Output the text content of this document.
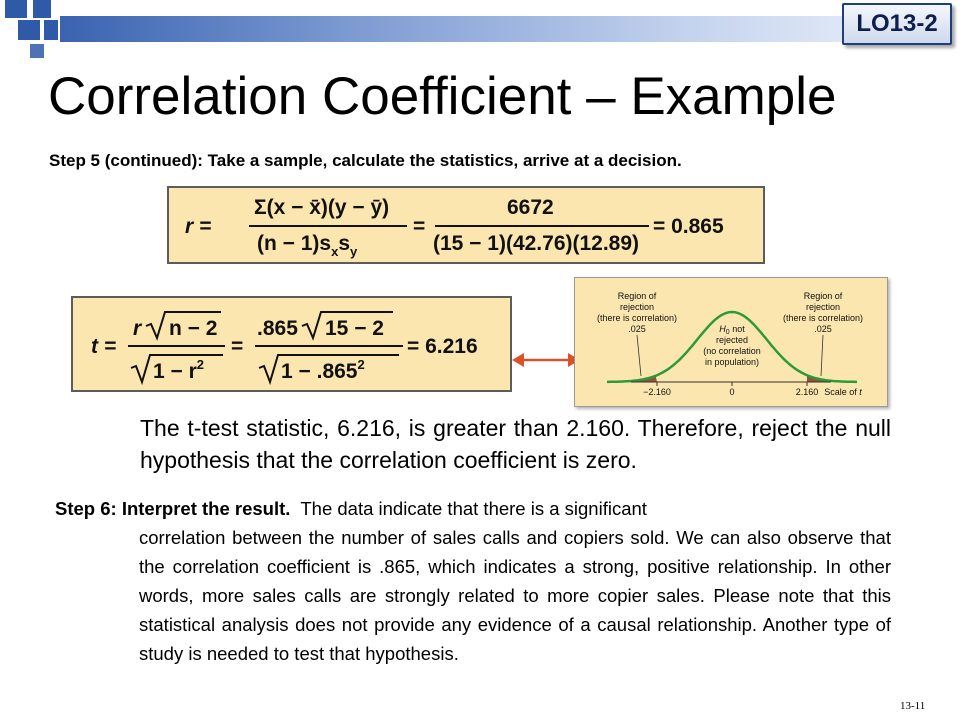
LO13-2
Correlation Coefficient – Example
Step 5 (continued): Take a sample, calculate the statistics, arrive at a decision.
r =
Σ(x − x̄)(y − ȳ)
$(n - 1)s_xs_y$
=
6672
(15 − 1)(42.76)(12.89)
= 0.865
t =
r n − 2
$1 - r^2$
=
.865 15 − 2
$1 - .865^2$
= 6.216
Region of
rejection
(there is correlation)
.025
Region of
rejection
(there is correlation)
.025
$H_0$ not
rejected
(no correlation
in population)
−2.160	0	2.160 Scale of t

The t-test statistic, 6.216, is greater than 2.160. Therefore, reject the null hypothesis that the correlation coefficient is zero.

Step 6: Interpret the result. The data indicate that there is a significant
correlation between the number of sales calls and copiers sold. We can also observe that the correlation coefficient is .865, which indicates a strong, positive relationship. In other words, more sales calls are strongly related to more copier sales. Please note that this statistical analysis does not provide any evidence of a causal relationship. Another type of study is needed to test that hypothesis.
13-11
